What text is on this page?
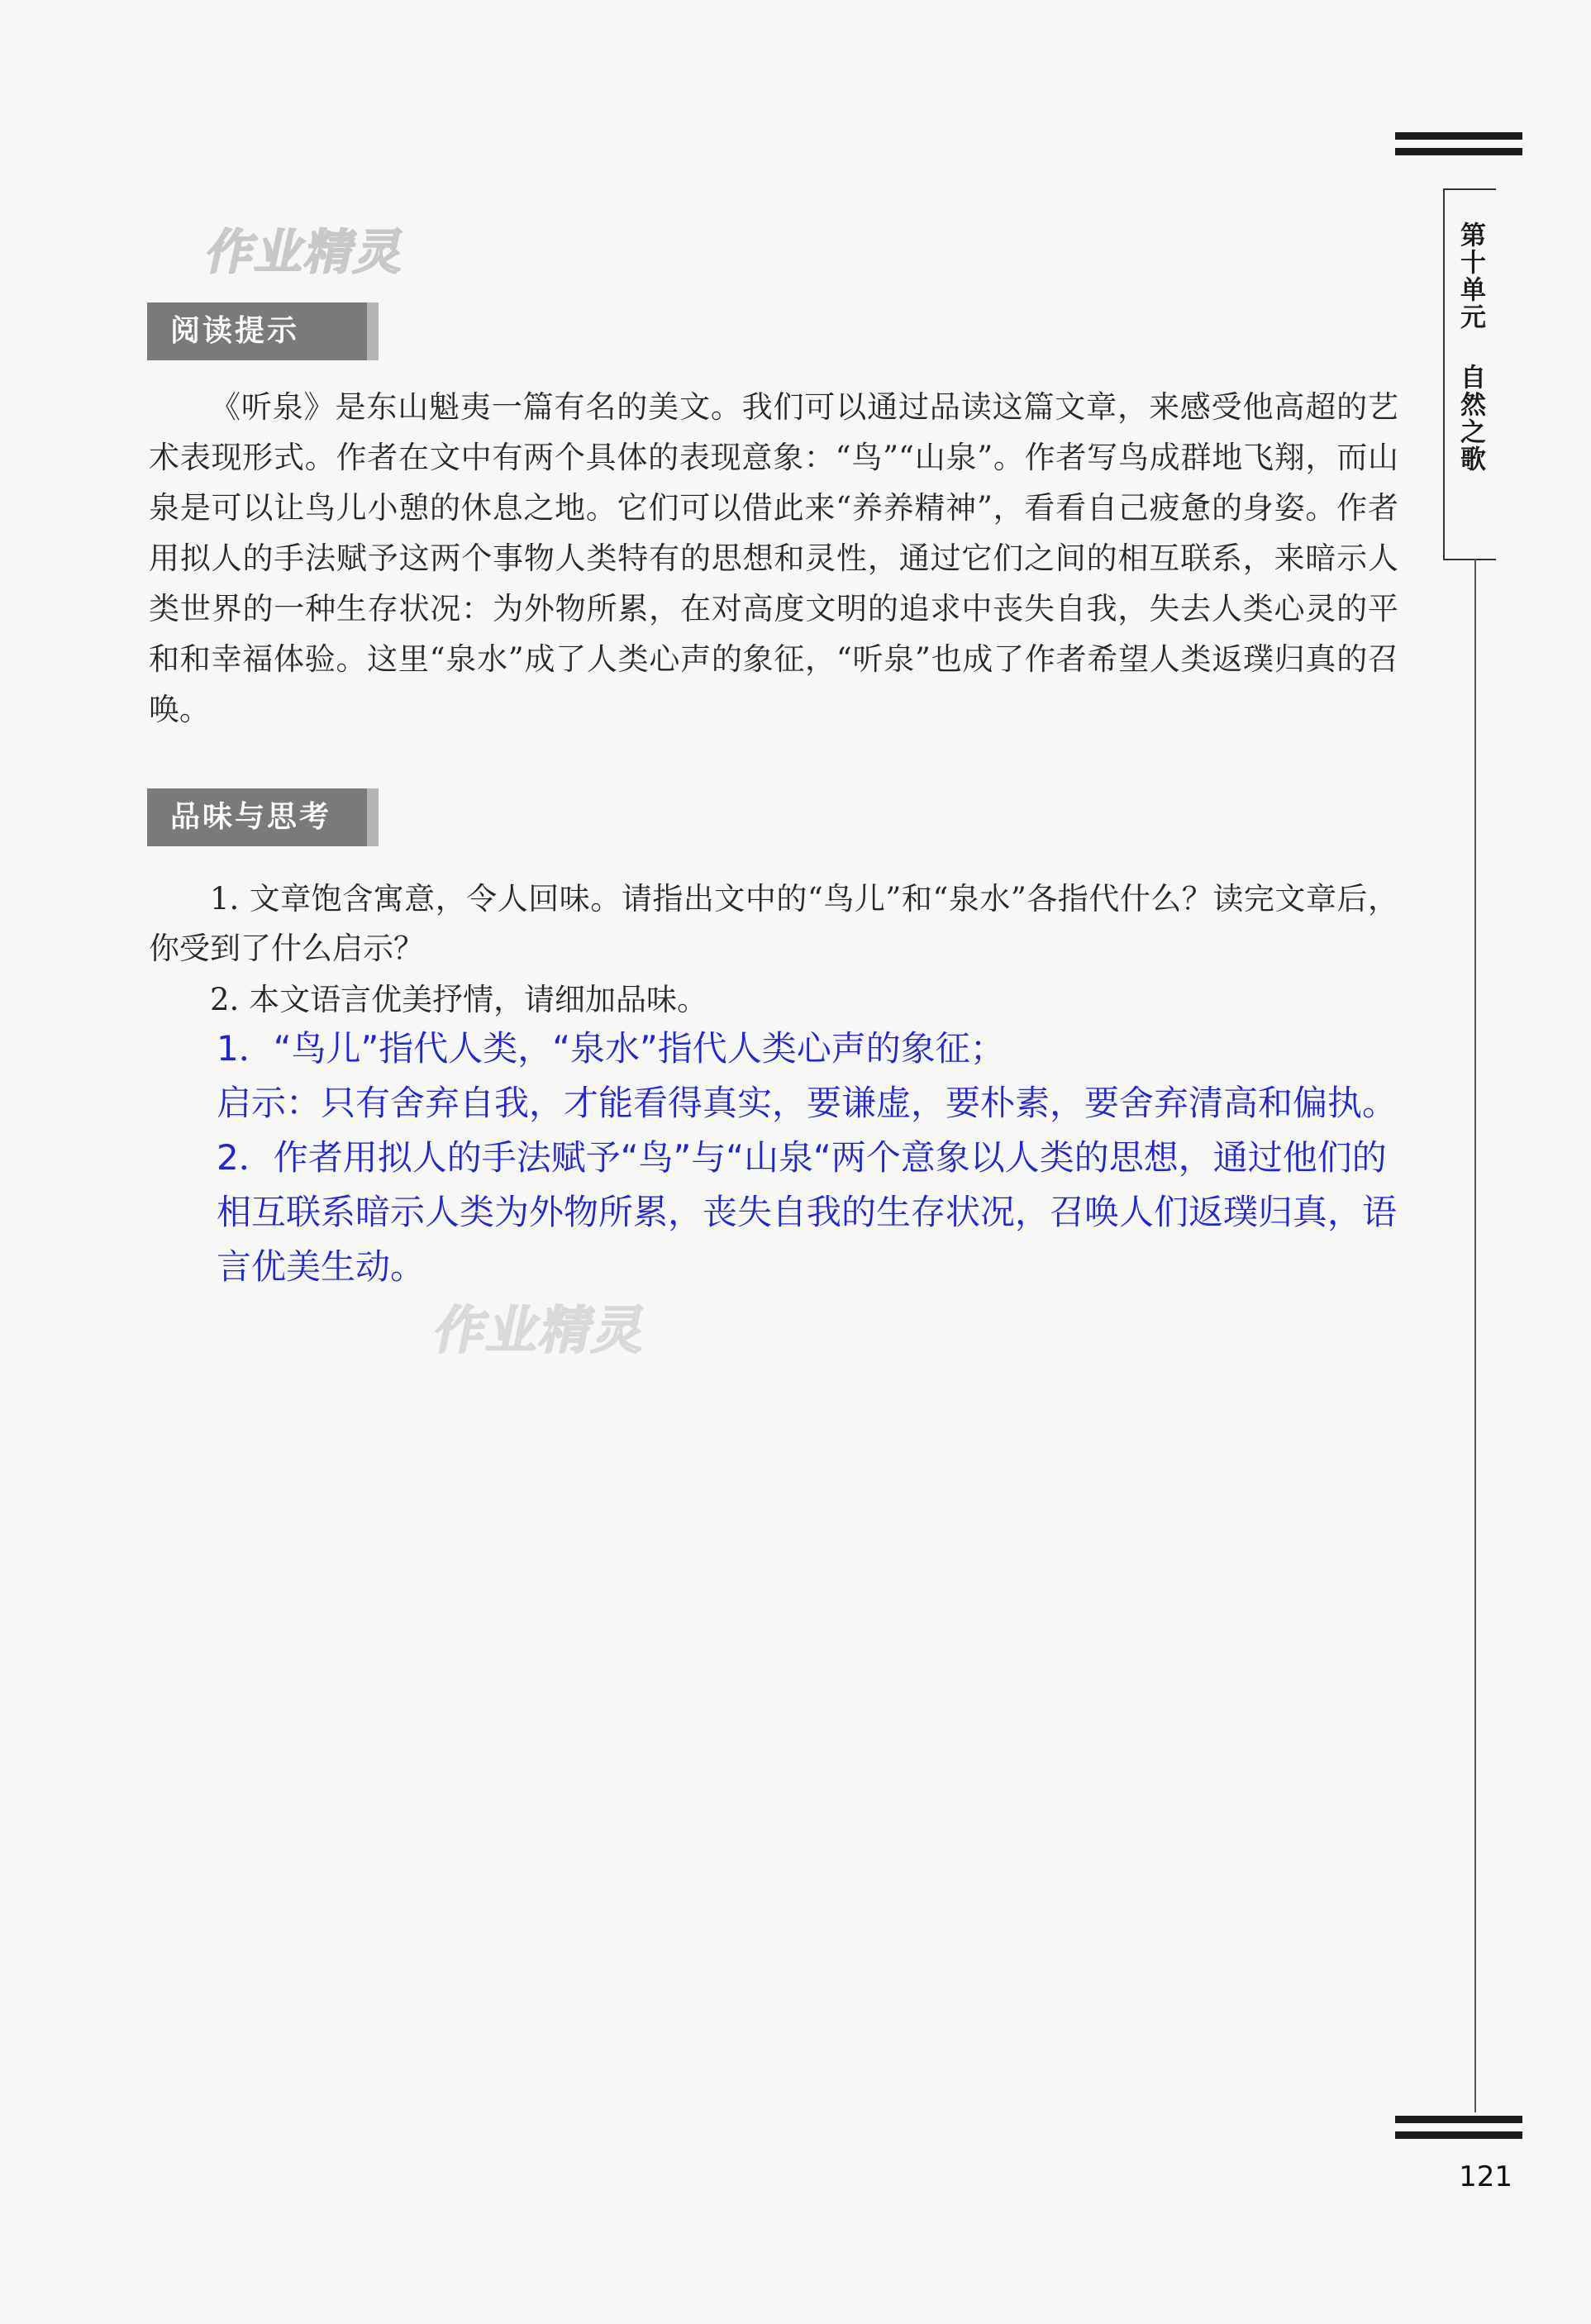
第十单元
自然之歌
121
作业精灵
作业精灵
阅读提示
《听泉》是东山魁夷一篇有名的美文。我们可以通过品读这篇文章，来感受他高超的艺术表现形式。作者在文中有两个具体的表现意象：“鸟”“山泉”。作者写鸟成群地飞翔，而山泉是可以让鸟儿小憩的休息之地。它们可以借此来“养养精神”，看看自己疲惫的身姿。作者用拟人的手法赋予这两个事物人类特有的思想和灵性，通过它们之间的相互联系，来暗示人类世界的一种生存状况：为外物所累，在对高度文明的追求中丧失自我，失去人类心灵的平和和幸福体验。这里“泉水”成了人类心声的象征，“听泉”也成了作者希望人类返璞归真的召唤。
品味与思考
1. 文章饱含寓意，令人回味。请指出文中的“鸟儿”和“泉水”各指代什么？读完文章后，你受到了什么启示？
2. 本文语言优美抒情，请细加品味。

1．“鸟儿”指代人类，“泉水”指代人类心声的象征；

启示：只有舍弃自我，才能看得真实，要谦虚，要朴素，要舍弃清高和偏执。

2．作者用拟人的手法赋予“鸟”与“山泉“两个意象以人类的思想，通过他们的相互联系暗示人类为外物所累，丧失自我的生存状况，召唤人们返璞归真，语言优美生动。
